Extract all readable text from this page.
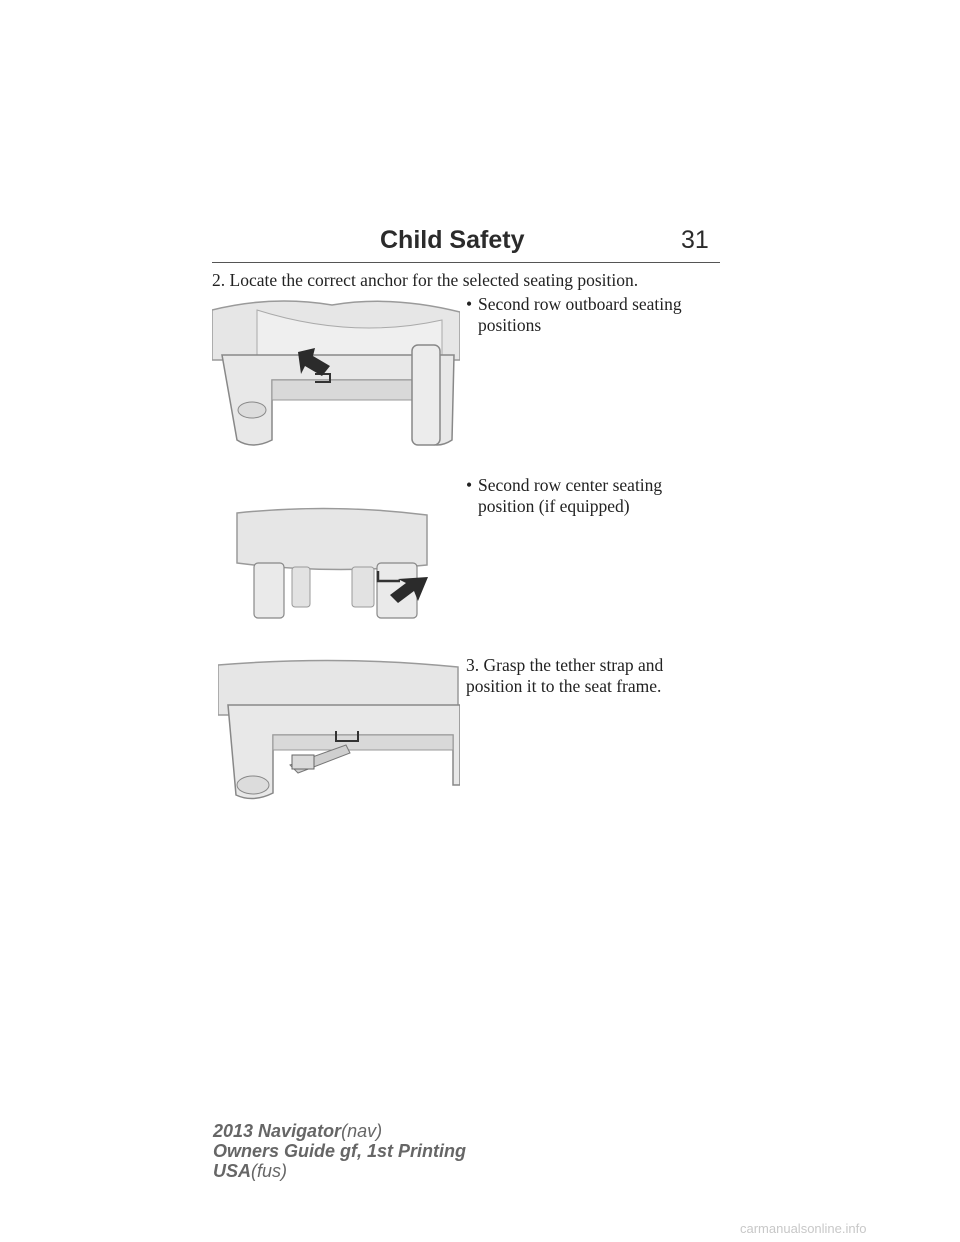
Child Safety	31
2. Locate the correct anchor for the selected seating position.
• Second row outboard seating
positions
• Second row center seating
position (if equipped)
3. Grasp the tether strap and
position it to the seat frame.
2013 Navigator(nav)
Owners Guide gf, 1st Printing
USA(fus)
carmanualsonline.info
